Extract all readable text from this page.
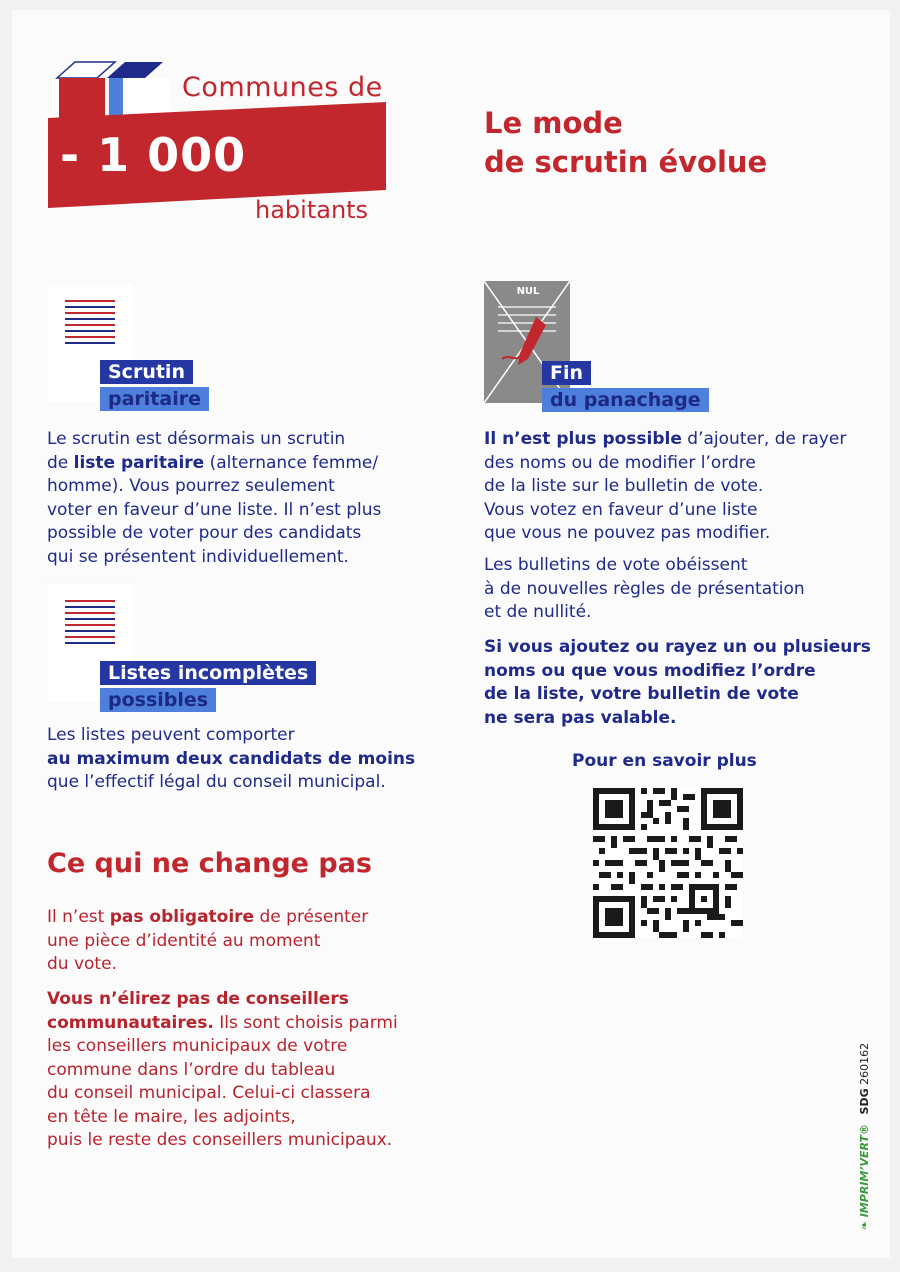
Communes de
- 1 000
habitants
Le mode
de scrutin évolue
Scrutin
paritaire
Le scrutin est désormais un scrutin
de liste paritaire (alternance femme/
homme). Vous pourrez seulement
voter en faveur d’une liste. Il n’est plus
possible de voter pour des candidats
qui se présentent individuellement.
Listes incomplètes
possibles
Les listes peuvent comporter
au maximum deux candidats de moins
que l’effectif légal du conseil municipal.
NUL
Fin
du panachage
Il n’est plus possible d’ajouter, de rayer
des noms ou de modifier l’ordre
de la liste sur le bulletin de vote.
Vous votez en faveur d’une liste
que vous ne pouvez pas modifier.
Les bulletins de vote obéissent
à de nouvelles règles de présentation
et de nullité.
Si vous ajoutez ou rayez un ou plusieurs
noms ou que vous modifiez l’ordre
de la liste, votre bulletin de vote
ne sera pas valable.
Pour en savoir plus
Ce qui ne change pas
Il n’est pas obligatoire de présenter
une pièce d’identité au moment
du vote.
Vous n’élirez pas de conseillers
communautaires. Ils sont choisis parmi
les conseillers municipaux de votre
commune dans l’ordre du tableau
du conseil municipal. Celui-ci classera
en tête le maire, les adjoints,
puis le reste des conseillers municipaux.
❧ IMPRIM’VERT® SDG 260162
